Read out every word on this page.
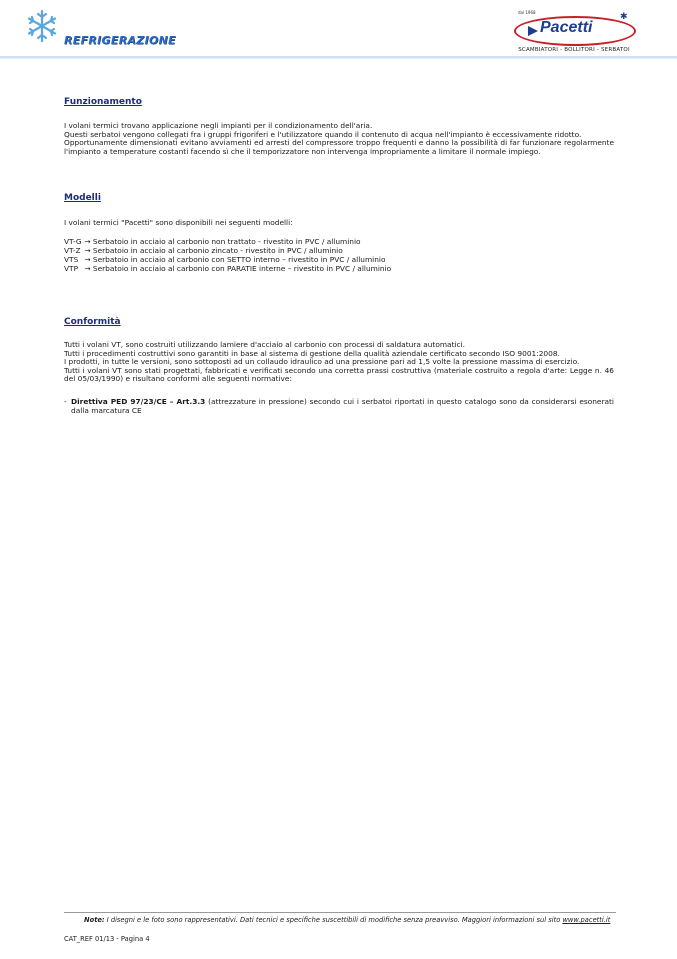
REFRIGERAZIONE
dal 1968
Pacetti
✱
SCAMBIATORI - BOLLITORI - SERBATOI
Funzionamento
I volani termici trovano applicazione negli impianti per il condizionamento dell'aria.
Questi serbatoi vengono collegati fra i gruppi frigoriferi e l'utilizzatore quando il contenuto di acqua nell'impianto è eccessivamente ridotto.
Opportunamente dimensionati evitano avviamenti ed arresti del compressore troppo frequenti e danno la possibilità di far funzionare regolarmente l'impianto a temperature costanti facendo sì che il temporizzatore non intervenga impropriamente a limitare il normale impiego.
Modelli
I volani termici "Pacetti" sono disponibili nei seguenti modelli:
VT-G → Serbatoio in acciaio al carbonio non trattato - rivestito in PVC / alluminio
VT-Z → Serbatoio in acciaio al carbonio zincato - rivestito in PVC / alluminio
VTS → Serbatoio in acciaio al carbonio con SETTO interno – rivestito in PVC / alluminio
VTP → Serbatoio in acciaio al carbonio con PARATIE interne – rivestito in PVC / alluminio
Conformità
Tutti i volani VT, sono costruiti utilizzando lamiere d'acciaio al carbonio con processi di saldatura automatici.
Tutti i procedimenti costruttivi sono garantiti in base al sistema di gestione della qualità aziendale certificato secondo ISO 9001:2008.
I prodotti, in tutte le versioni, sono sottoposti ad un collaudo idraulico ad una pressione pari ad 1,5 volte la pressione massima di esercizio.
Tutti i volani VT sono stati progettati, fabbricati e verificati secondo una corretta prassi costruttiva (materiale costruito a regola d'arte: Legge n. 46 del 05/03/1990) e risultano conformi alle seguenti normative:
- Direttiva PED 97/23/CE – Art.3.3 (attrezzature in pressione) secondo cui i serbatoi riportati in questo catalogo sono da considerarsi esonerati dalla marcatura CE
Note: I disegni e le foto sono rappresentativi. Dati tecnici e specifiche suscettibili di modifiche senza preavviso. Maggiori informazioni sul sito www.pacetti.it
CAT_REF 01/13 - Pagina 4
